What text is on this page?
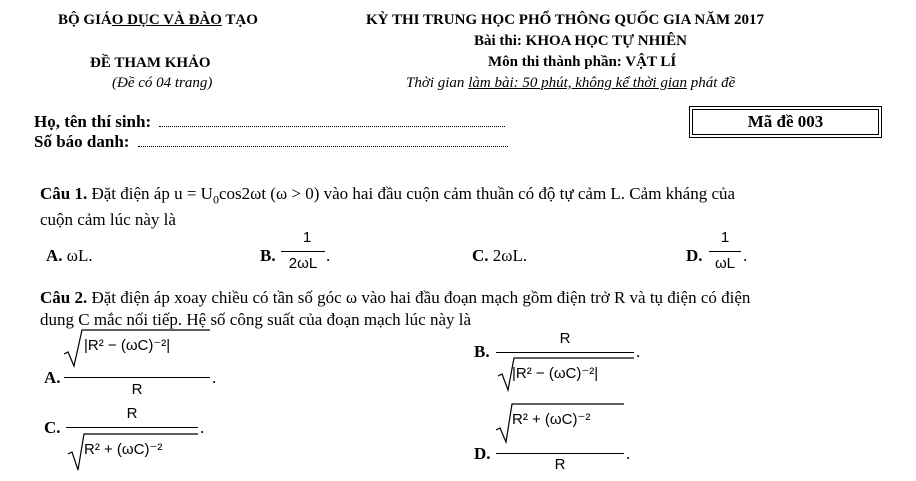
BỘ GIÁO DỤC VÀ ĐÀO TẠO
ĐỀ THAM KHẢO
(Đề có 04 trang)
KỲ THI TRUNG HỌC PHỔ THÔNG QUỐC GIA NĂM 2017
Bài thi: KHOA HỌC TỰ NHIÊN
Môn thi thành phần: VẬT LÍ
Thời gian làm bài: 50 phút, không kể thời gian phát đề
Họ, tên thí sinh:
Số báo danh:
Mã đề 003
Câu 1. Đặt điện áp $u = U_0\cos 2\omega t$ (ω > 0) vào hai đầu cuộn cảm thuần có độ tự cảm L. Cảm kháng của
cuộn cảm lúc này là
A. ωL.	B.
1
2ωL .	C. 2ωL.	D.
1
ωL .
Câu 2. Đặt điện áp xoay chiều có tần số góc ω vào hai đầu đoạn mạch gồm điện trở R và tụ điện có điện
dung C mắc nối tiếp. Hệ số công suất của đoạn mạch lúc này là
A.
|R² − (ωC)⁻²|
R
.
B.
R
|R² − (ωC)⁻²|
.
C.
R
R² + (ωC)⁻²
.
D.
R² + (ωC)⁻²
R
.
